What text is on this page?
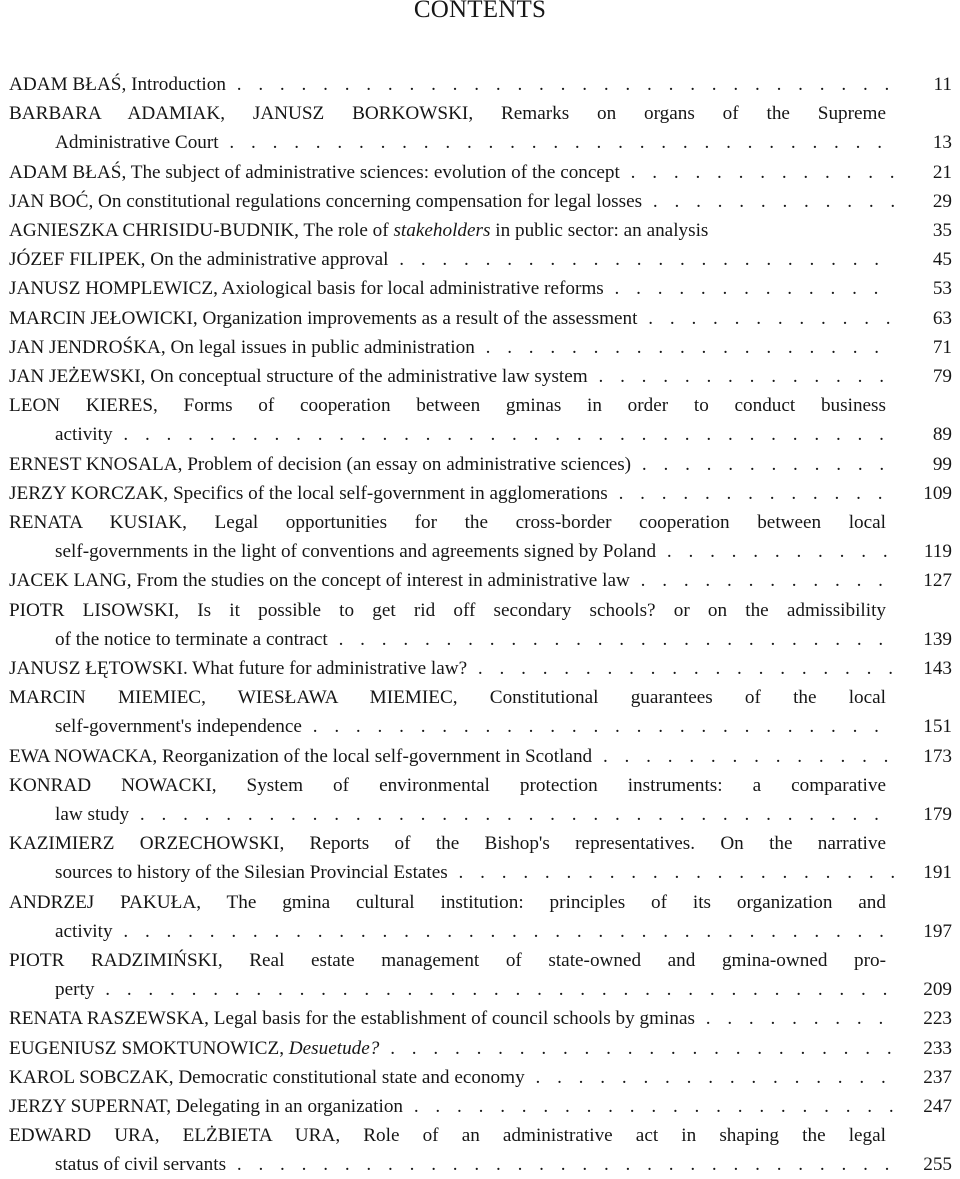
CONTENTS
ADAM BŁAŚ, Introduction . . .	11
BARBARA ADAMIAK, JANUSZ BORKOWSKI, Remarks on organs of the Supreme
Administrative Court . . .	13
ADAM BŁAŚ, The subject of administrative sciences: evolution of the concept . . .	21
JAN BOĆ, On constitutional regulations concerning compensation for legal losses . . .	29
AGNIESZKA CHRISIDU-BUDNIK, The role of stakeholders in public sector: an analysis	35
JÓZEF FILIPEK, On the administrative approval . . .	45
JANUSZ HOMPLEWICZ, Axiological basis for local administrative reforms . . .	53
MARCIN JEŁOWICKI, Organization improvements as a result of the assessment . . .	63
JAN JENDROŚKA, On legal issues in public administration . . .	71
JAN JEŻEWSKI, On conceptual structure of the administrative law system . . .	79
LEON KIERES, Forms of cooperation between gminas in order to conduct business
activity . . .	89
ERNEST KNOSALA, Problem of decision (an essay on administrative sciences) . . .	99
JERZY KORCZAK, Specifics of the local self-government in agglomerations . . .	109
RENATA KUSIAK, Legal opportunities for the cross-border cooperation between local
self-governments in the light of conventions and agreements signed by Poland . . .	119
JACEK LANG, From the studies on the concept of interest in administrative law . . .	127
PIOTR LISOWSKI, Is it possible to get rid off secondary schools? or on the admissibility
of the notice to terminate a contract . . .	139
JANUSZ ŁĘTOWSKI. What future for administrative law? . . .	143
MARCIN MIEMIEC, WIESŁAWA MIEMIEC, Constitutional guarantees of the local
self-government's independence . . .	151
EWA NOWACKA, Reorganization of the local self-government in Scotland . . .	173
KONRAD NOWACKI, System of environmental protection instruments: a comparative
law study . . .	179
KAZIMIERZ ORZECHOWSKI, Reports of the Bishop's representatives. On the narrative
sources to history of the Silesian Provincial Estates . . .	191
ANDRZEJ PAKUŁA, The gmina cultural institution: principles of its organization and
activity . . .	197
PIOTR RADZIMIŃSKI, Real estate management of state-owned and gmina-owned pro-
perty . . .	209
RENATA RASZEWSKA, Legal basis for the establishment of council schools by gminas . . .	223
EUGENIUSZ SMOKTUNOWICZ, Desuetude? . . .	233
KAROL SOBCZAK, Democratic constitutional state and economy . . .	237
JERZY SUPERNAT, Delegating in an organization . . .	247
EDWARD URA, ELŻBIETA URA, Role of an administrative act in shaping the legal
status of civil servants . . .	255
